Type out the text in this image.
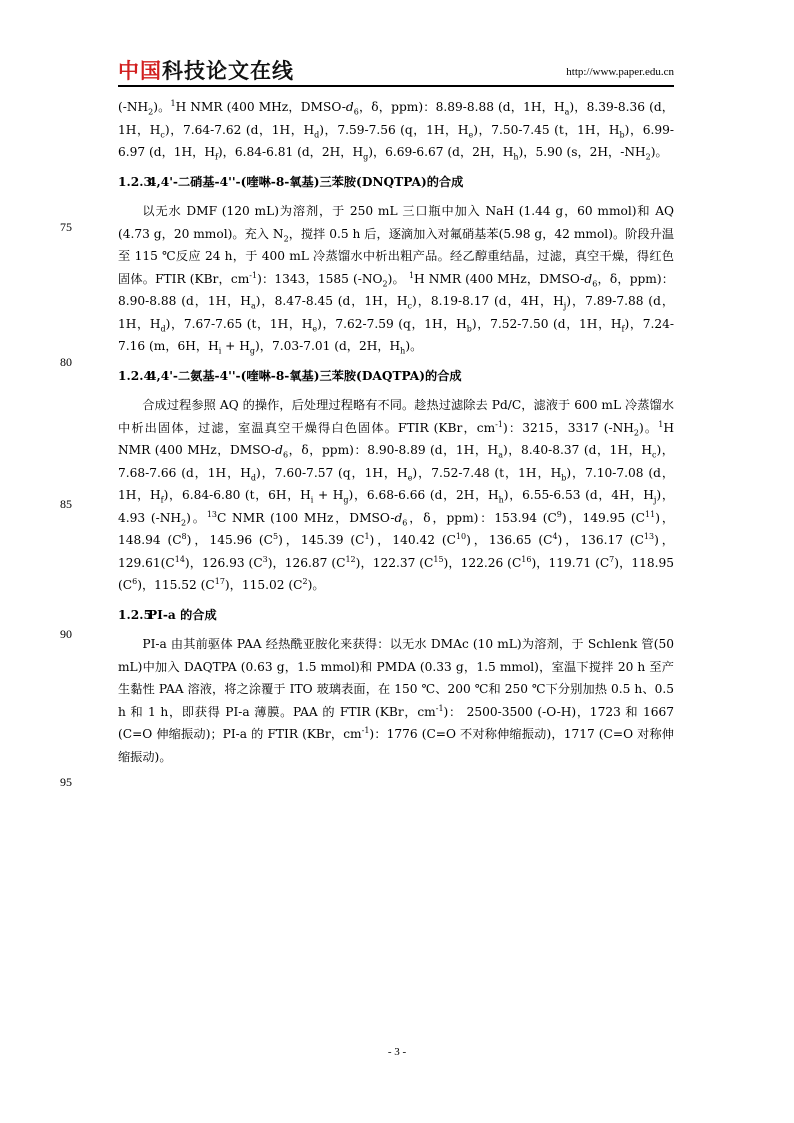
中国科技论文在线	http://www.paper.edu.cn
75
80
85
90
95

$(-NH_2)$。$^1$H NMR (400 MHz，DMSO-$d_6$，δ，ppm)：8.89-8.88 (d，1H，$H_a$)，8.39-8.36 (d，1H，$H_c$)，7.64-7.62 (d，1H，$H_d$)，7.59-7.56 (q，1H，$H_e$)，7.50-7.45 (t，1H，$H_b$)，6.99-6.97 (d，1H，$H_f$)，6.84-6.81 (d，2H，$H_g$)，6.69-6.67 (d，2H，$H_h$)，5.90 (s，2H，$-NH_2$)。

1.2.34,4'-二硝基-4''-(喹啉-8-氧基)三苯胺(DNQTPA)的合成

以无水 DMF (120 mL)为溶剂，于 250 mL 三口瓶中加入 NaH (1.44 g，60 mmol)和 AQ (4.73 g，20 mmol)。充入 $N_2$，搅拌 0.5 h 后，逐滴加入对氟硝基苯(5.98 g，42 mmol)。阶段升温至 115 ℃反应 24 h，于 400 mL 冷蒸馏水中析出粗产品。经乙醇重结晶，过滤，真空干燥，得红色固体。FTIR (KBr，$cm^{-1}$)：1343，1585 $(-NO_2)$。 $^1$H NMR (400 MHz，DMSO-$d_6$，δ，ppm)：8.90-8.88 (d，1H，$H_a$)，8.47-8.45 (d，1H，$H_c$)，8.19-8.17 (d，4H，$H_j$)，7.89-7.88 (d，1H，$H_d$)，7.67-7.65 (t，1H，$H_e$)，7.62-7.59 (q，1H，$H_b$)，7.52-7.50 (d，1H，$H_f$)，7.24-7.16 (m，6H，$H_i + H_g$)，7.03-7.01 (d，2H，$H_h$)。

1.2.44,4'-二氨基-4''-(喹啉-8-氧基)三苯胺(DAQTPA)的合成

合成过程参照 AQ 的操作，后处理过程略有不同。趁热过滤除去 Pd/C，滤液于 600 mL 冷蒸馏水中析出固体，过滤，室温真空干燥得白色固体。FTIR (KBr，$cm^{-1}$)：3215，3317 $(-NH_2)$。$^1$H NMR (400 MHz，DMSO-$d_6$，δ，ppm)：8.90-8.89 (d，1H，$H_a$)，8.40-8.37 (d，1H，$H_c$)，7.68-7.66 (d，1H，$H_d$)，7.60-7.57 (q，1H，$H_e$)，7.52-7.48 (t，1H，$H_b$)，7.10-7.08 (d，1H，$H_f$)，6.84-6.80 (t，6H，$H_i + H_g$)，6.68-6.66 (d，2H，$H_h$)，6.55-6.53 (d，4H，$H_j$)，4.93 $(-NH_2)$。$^{13}$C NMR (100 MHz，DMSO-$d_6$，δ，ppm)：153.94 $(C^9)$，149.95 $(C^{11})$，148.94 $(C^8)$，145.96 $(C^5)$，145.39 $(C^1)$，140.42 $(C^{10})$，136.65 $(C^4)$，136.17 $(C^{13})$，$129.61(C^{14})$，126.93 $(C^3)$，126.87 $(C^{12})$，122.37 $(C^{15})$，122.26 $(C^{16})$，119.71 $(C^7)$，118.95 $(C^6)$，115.52 $(C^{17})$，115.02 $(C^2)$。

1.2.5PI-a 的合成

PI-a 由其前驱体 PAA 经热酰亚胺化来获得：以无水 DMAc (10 mL)为溶剂，于 Schlenk 管(50 mL)中加入 DAQTPA (0.63 g，1.5 mmol)和 PMDA (0.33 g，1.5 mmol)，室温下搅拌 20 h 至产生黏性 PAA 溶液，将之涂覆于 ITO 玻璃表面，在 150 ℃、200 ℃和 250 ℃下分别加热 0.5 h、0.5 h 和 1 h，即获得 PI-a 薄膜。PAA 的 FTIR (KBr，$cm^{-1}$)： 2500-3500 (-O-H)，1723 和 1667 (C=O 伸缩振动)；PI-a 的 FTIR (KBr，$cm^{-1}$)：1776 (C=O 不对称伸缩振动)，1717 (C=O 对称伸缩振动)。

- 3 -
